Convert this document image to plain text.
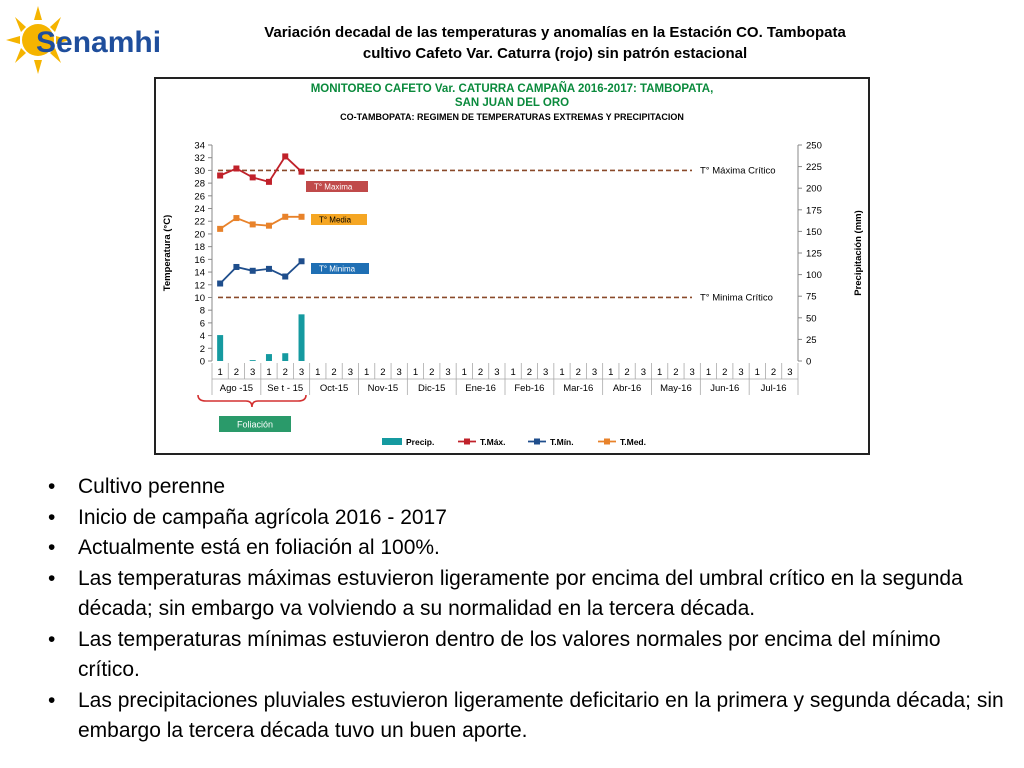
Senamhi	Variación decadal de las temperaturas y anomalías en la Estación CO. Tambopata
cultivo Cafeto Var. Caturra (rojo) sin patrón estacional
MONITOREO CAFETO Var. CATURRA CAMPAÑA 2016-2017: TAMBOPATA,
SAN JUAN DEL ORO
CO-TAMBOPATA: REGIMEN DE TEMPERATURAS EXTREMAS Y PRECIPITACION
0
2
4
6
8
10
12
14
16
18
20
22
24
26
28
30
32
34
0
25
50
75
100
125
150
175
200
225
250
Temperatura (°C)	Precipitación (mm)
1 2 3 1 2 3 1 2 3 1 2 3 1 2 3 1 2 3 1 2 3 1 2 3 1 2 3 1 2 3 1 2 3 1 2 3
Ago -15 Se t - 15 Oct-15 Nov-15 Dic-15 Ene-16 Feb-16 Mar-16 Abr-16 May-16 Jun-16 Jul-16
T° Máxima Crítico
T° Minima Crítico
T° Maxima
T° Media
T° Minima
Foliación
Precip.	T.Máx.	T.Mín.	T.Med.
• Cultivo perenne
• Inicio de campaña agrícola 2016 - 2017
• Actualmente está en foliación al 100%.
• Las temperaturas máximas estuvieron ligeramente por encima del umbral crítico en la segunda década; sin embargo va volviendo a su normalidad en la tercera década.
• Las temperaturas mínimas estuvieron dentro de los valores normales por encima del mínimo crítico.
• Las precipitaciones pluviales estuvieron ligeramente deficitario en la primera y segunda década; sin embargo la tercera década tuvo un buen aporte.
